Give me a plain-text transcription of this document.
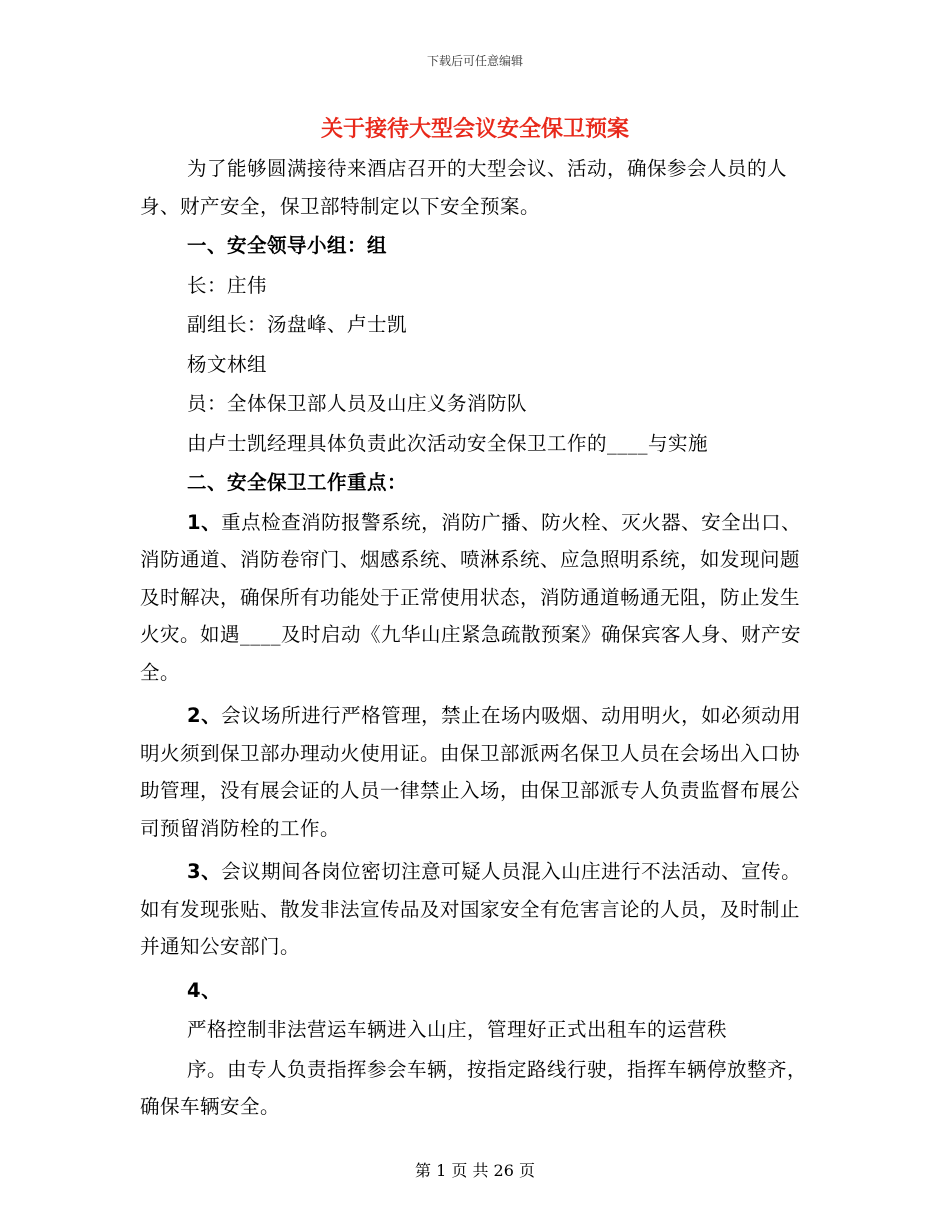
下载后可任意编辑
关于接待大型会议安全保卫预案

为了能够圆满接待来酒店召开的大型会议、活动，确保参会人员的人身、财产安全，保卫部特制定以下安全预案。

一、安全领导小组：组

长：庄伟

副组长：汤盘峰、卢士凯

杨文林组

员：全体保卫部人员及山庄义务消防队

由卢士凯经理具体负责此次活动安全保卫工作的____与实施

二、安全保卫工作重点：

1、重点检查消防报警系统，消防广播、防火栓、灭火器、安全出口、消防通道、消防卷帘门、烟感系统、喷淋系统、应急照明系统，如发现问题及时解决，确保所有功能处于正常使用状态，消防通道畅通无阻，防止发生火灾。如遇____及时启动《九华山庄紧急疏散预案》确保宾客人身、财产安全。

2、会议场所进行严格管理，禁止在场内吸烟、动用明火，如必须动用明火须到保卫部办理动火使用证。由保卫部派两名保卫人员在会场出入口协助管理，没有展会证的人员一律禁止入场，由保卫部派专人负责监督布展公司预留消防栓的工作。

3、会议期间各岗位密切注意可疑人员混入山庄进行不法活动、宣传。如有发现张贴、散发非法宣传品及对国家安全有危害言论的人员，及时制止并通知公安部门。

4、

严格控制非法营运车辆进入山庄，管理好正式出租车的运营秩

序。由专人负责指挥参会车辆，按指定路线行驶，指挥车辆停放整齐，确保车辆安全。

第 1 页 共 26 页
